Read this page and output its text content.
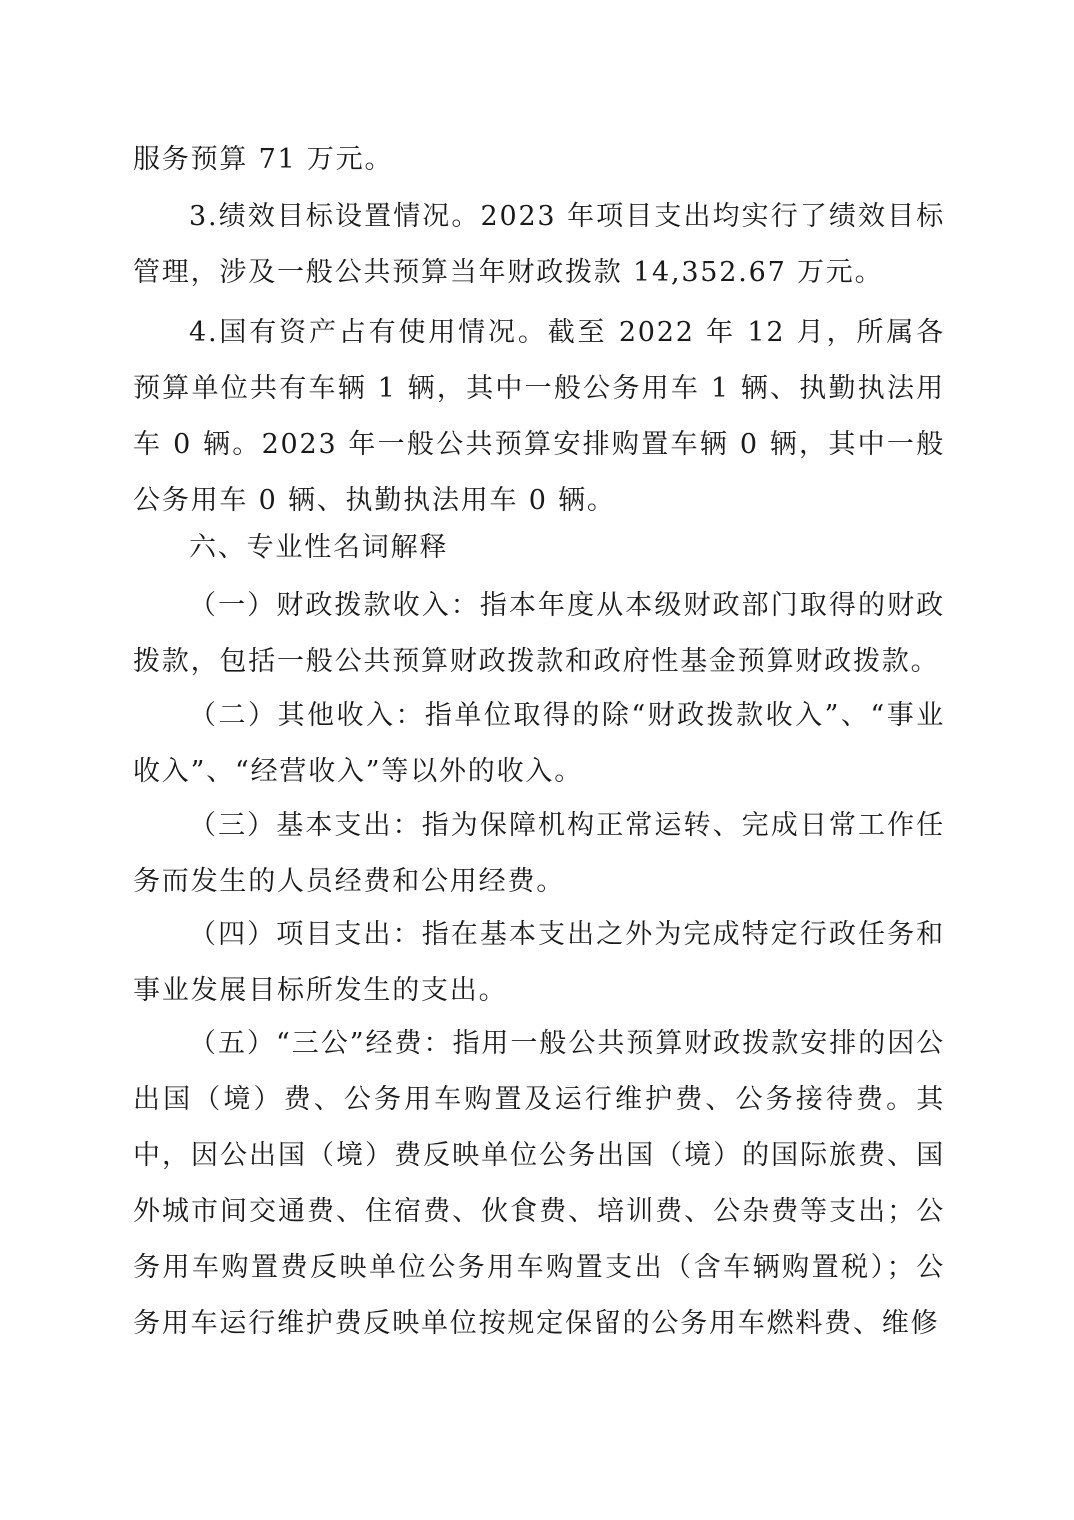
服务预算 71 万元。

3.绩效目标设置情况。2023 年项目支出均实行了绩效目标管理，涉及一般公共预算当年财政拨款 14,352.67 万元。

4.国有资产占有使用情况。截至 2022 年 12 月，所属各预算单位共有车辆 1 辆，其中一般公务用车 1 辆、执勤执法用车 0 辆。2023 年一般公共预算安排购置车辆 0 辆，其中一般公务用车 0 辆、执勤执法用车 0 辆。

六、专业性名词解释

（一）财政拨款收入：指本年度从本级财政部门取得的财政拨款，包括一般公共预算财政拨款和政府性基金预算财政拨款。

（二）其他收入：指单位取得的除“财政拨款收入”、“事业收入”、“经营收入”等以外的收入。

（三）基本支出：指为保障机构正常运转、完成日常工作任务而发生的人员经费和公用经费。

（四）项目支出：指在基本支出之外为完成特定行政任务和事业发展目标所发生的支出。

（五）“三公”经费：指用一般公共预算财政拨款安排的因公出国（境）费、公务用车购置及运行维护费、公务接待费。其中，因公出国（境）费反映单位公务出国（境）的国际旅费、国外城市间交通费、住宿费、伙食费、培训费、公杂费等支出；公务用车购置费反映单位公务用车购置支出（含车辆购置税）；公务用车运行维护费反映单位按规定保留的公务用车燃料费、维修
